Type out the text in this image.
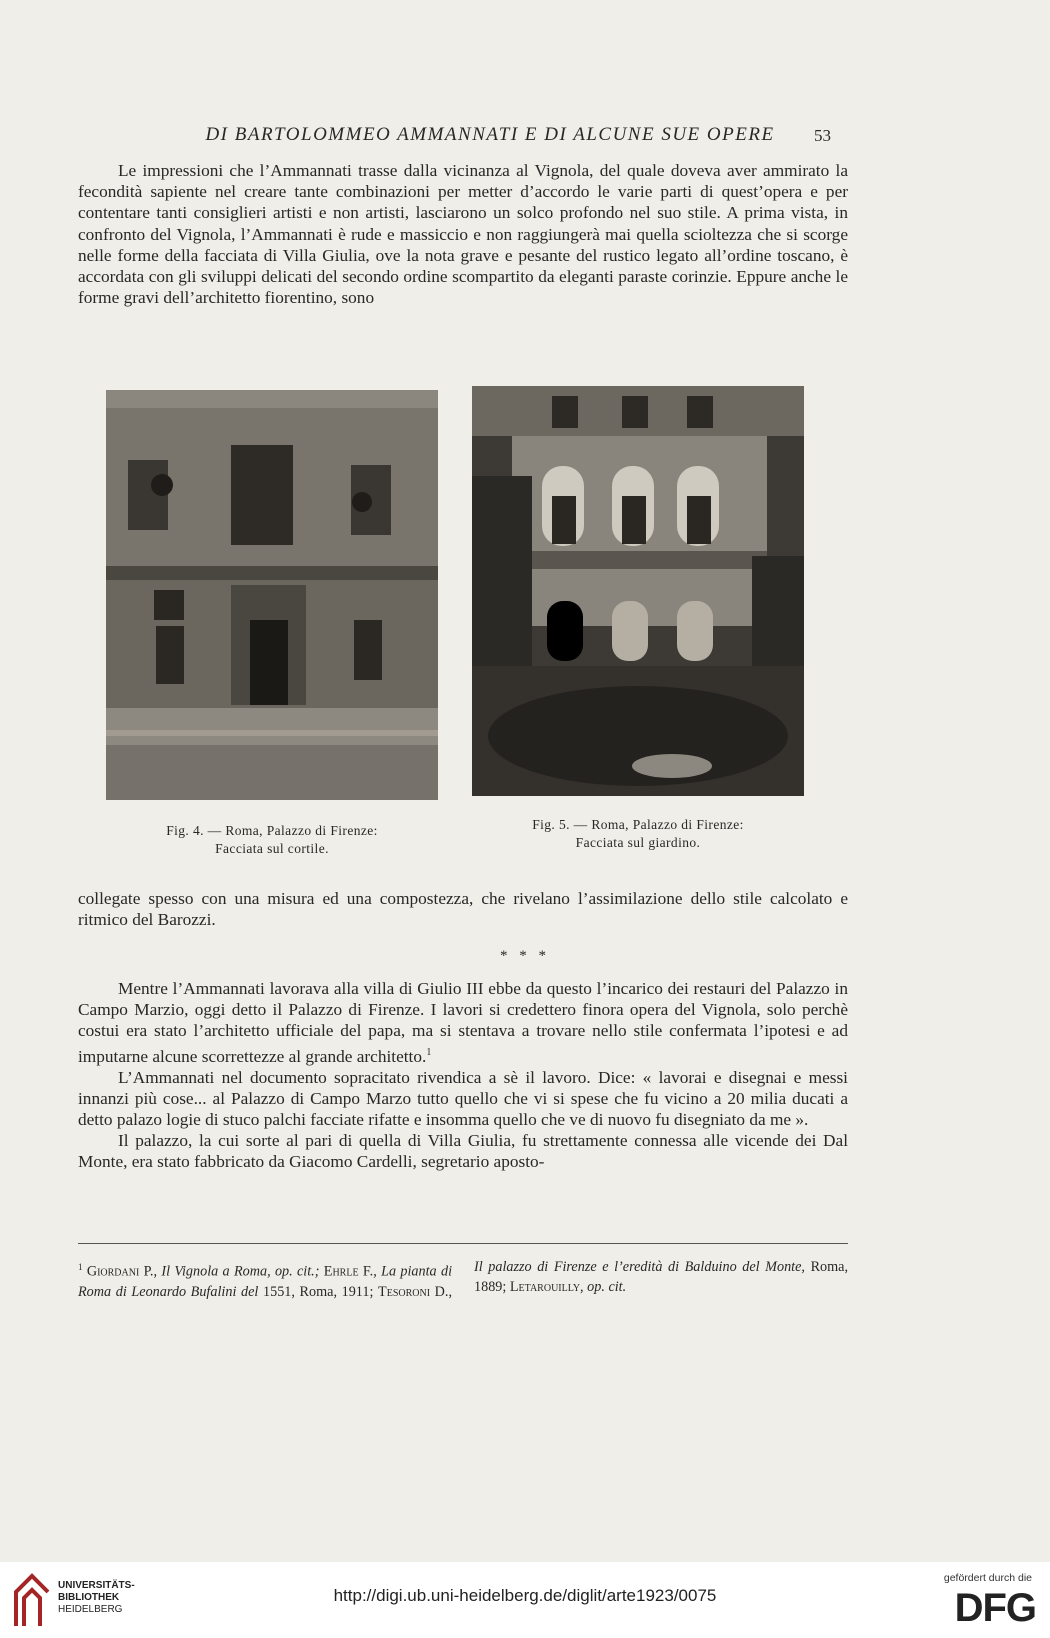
DI BARTOLOMMEO AMMANNATI E DI ALCUNE SUE OPERE	53

Le impressioni che l’Ammannati trasse dalla vicinanza al Vignola, del quale doveva aver ammirato la fecondità sapiente nel creare tante combinazioni per metter d’accordo le varie parti di quest’opera e per contentare tanti consiglieri artisti e non artisti, lasciarono un solco profondo nel suo stile. A prima vista, in confronto del Vignola, l’Ammannati è rude e massiccio e non raggiungerà mai quella scioltezza che si scorge nelle forme della facciata di Villa Giulia, ove la nota grave e pesante del rustico legato all’ordine toscano, è accordata con gli sviluppi delicati del secondo ordine scompartito da eleganti paraste corinzie. Eppure anche le forme gravi dell’architetto fiorentino, sono

Fig. 4. — Roma, Palazzo di Firenze:
Facciata sul cortile.
Fig. 5. — Roma, Palazzo di Firenze:
Facciata sul giardino.

collegate spesso con una misura ed una compostezza, che rivelano l’assimilazione dello stile calcolato e ritmico del Barozzi.

* * *

Mentre l’Ammannati lavorava alla villa di Giulio III ebbe da questo l’incarico dei restauri del Palazzo in Campo Marzio, oggi detto il Palazzo di Firenze. I lavori si credettero finora opera del Vignola, solo perchè costui era stato l’architetto ufficiale del papa, ma si stentava a trovare nello stile confermata l’ipotesi e ad imputarne alcune scorrettezze al grande architetto.$^1$

L’Ammannati nel documento sopracitato rivendica a sè il lavoro. Dice: « lavorai e disegnai e messi innanzi più cose... al Palazzo di Campo Marzo tutto quello che vi si spese che fu vicino a 20 milia ducati a detto palazo logie di stuco palchi facciate rifatte e insomma quello che ve di nuovo fu disegniato da me ».

Il palazzo, la cui sorte al pari di quella di Villa Giulia, fu strettamente connessa alle vicende dei Dal Monte, era stato fabbricato da Giacomo Cardelli, segretario aposto-

$^1$ Giordani P., Il Vignola a Roma, op. cit.; Ehrle F., La pianta di Roma di Leonardo Bufalini del 1551, Roma, 1911; Tesoroni D., Il palazzo di Firenze e l’eredità di Balduino del Monte, Roma, 1889; Letarouilly, op. cit.
UNIVERSITÄTS-
BIBLIOTHEK
HEIDELBERG
http://digi.ub.uni-heidelberg.de/diglit/arte1923/0075
gefördert durch die
DFG
